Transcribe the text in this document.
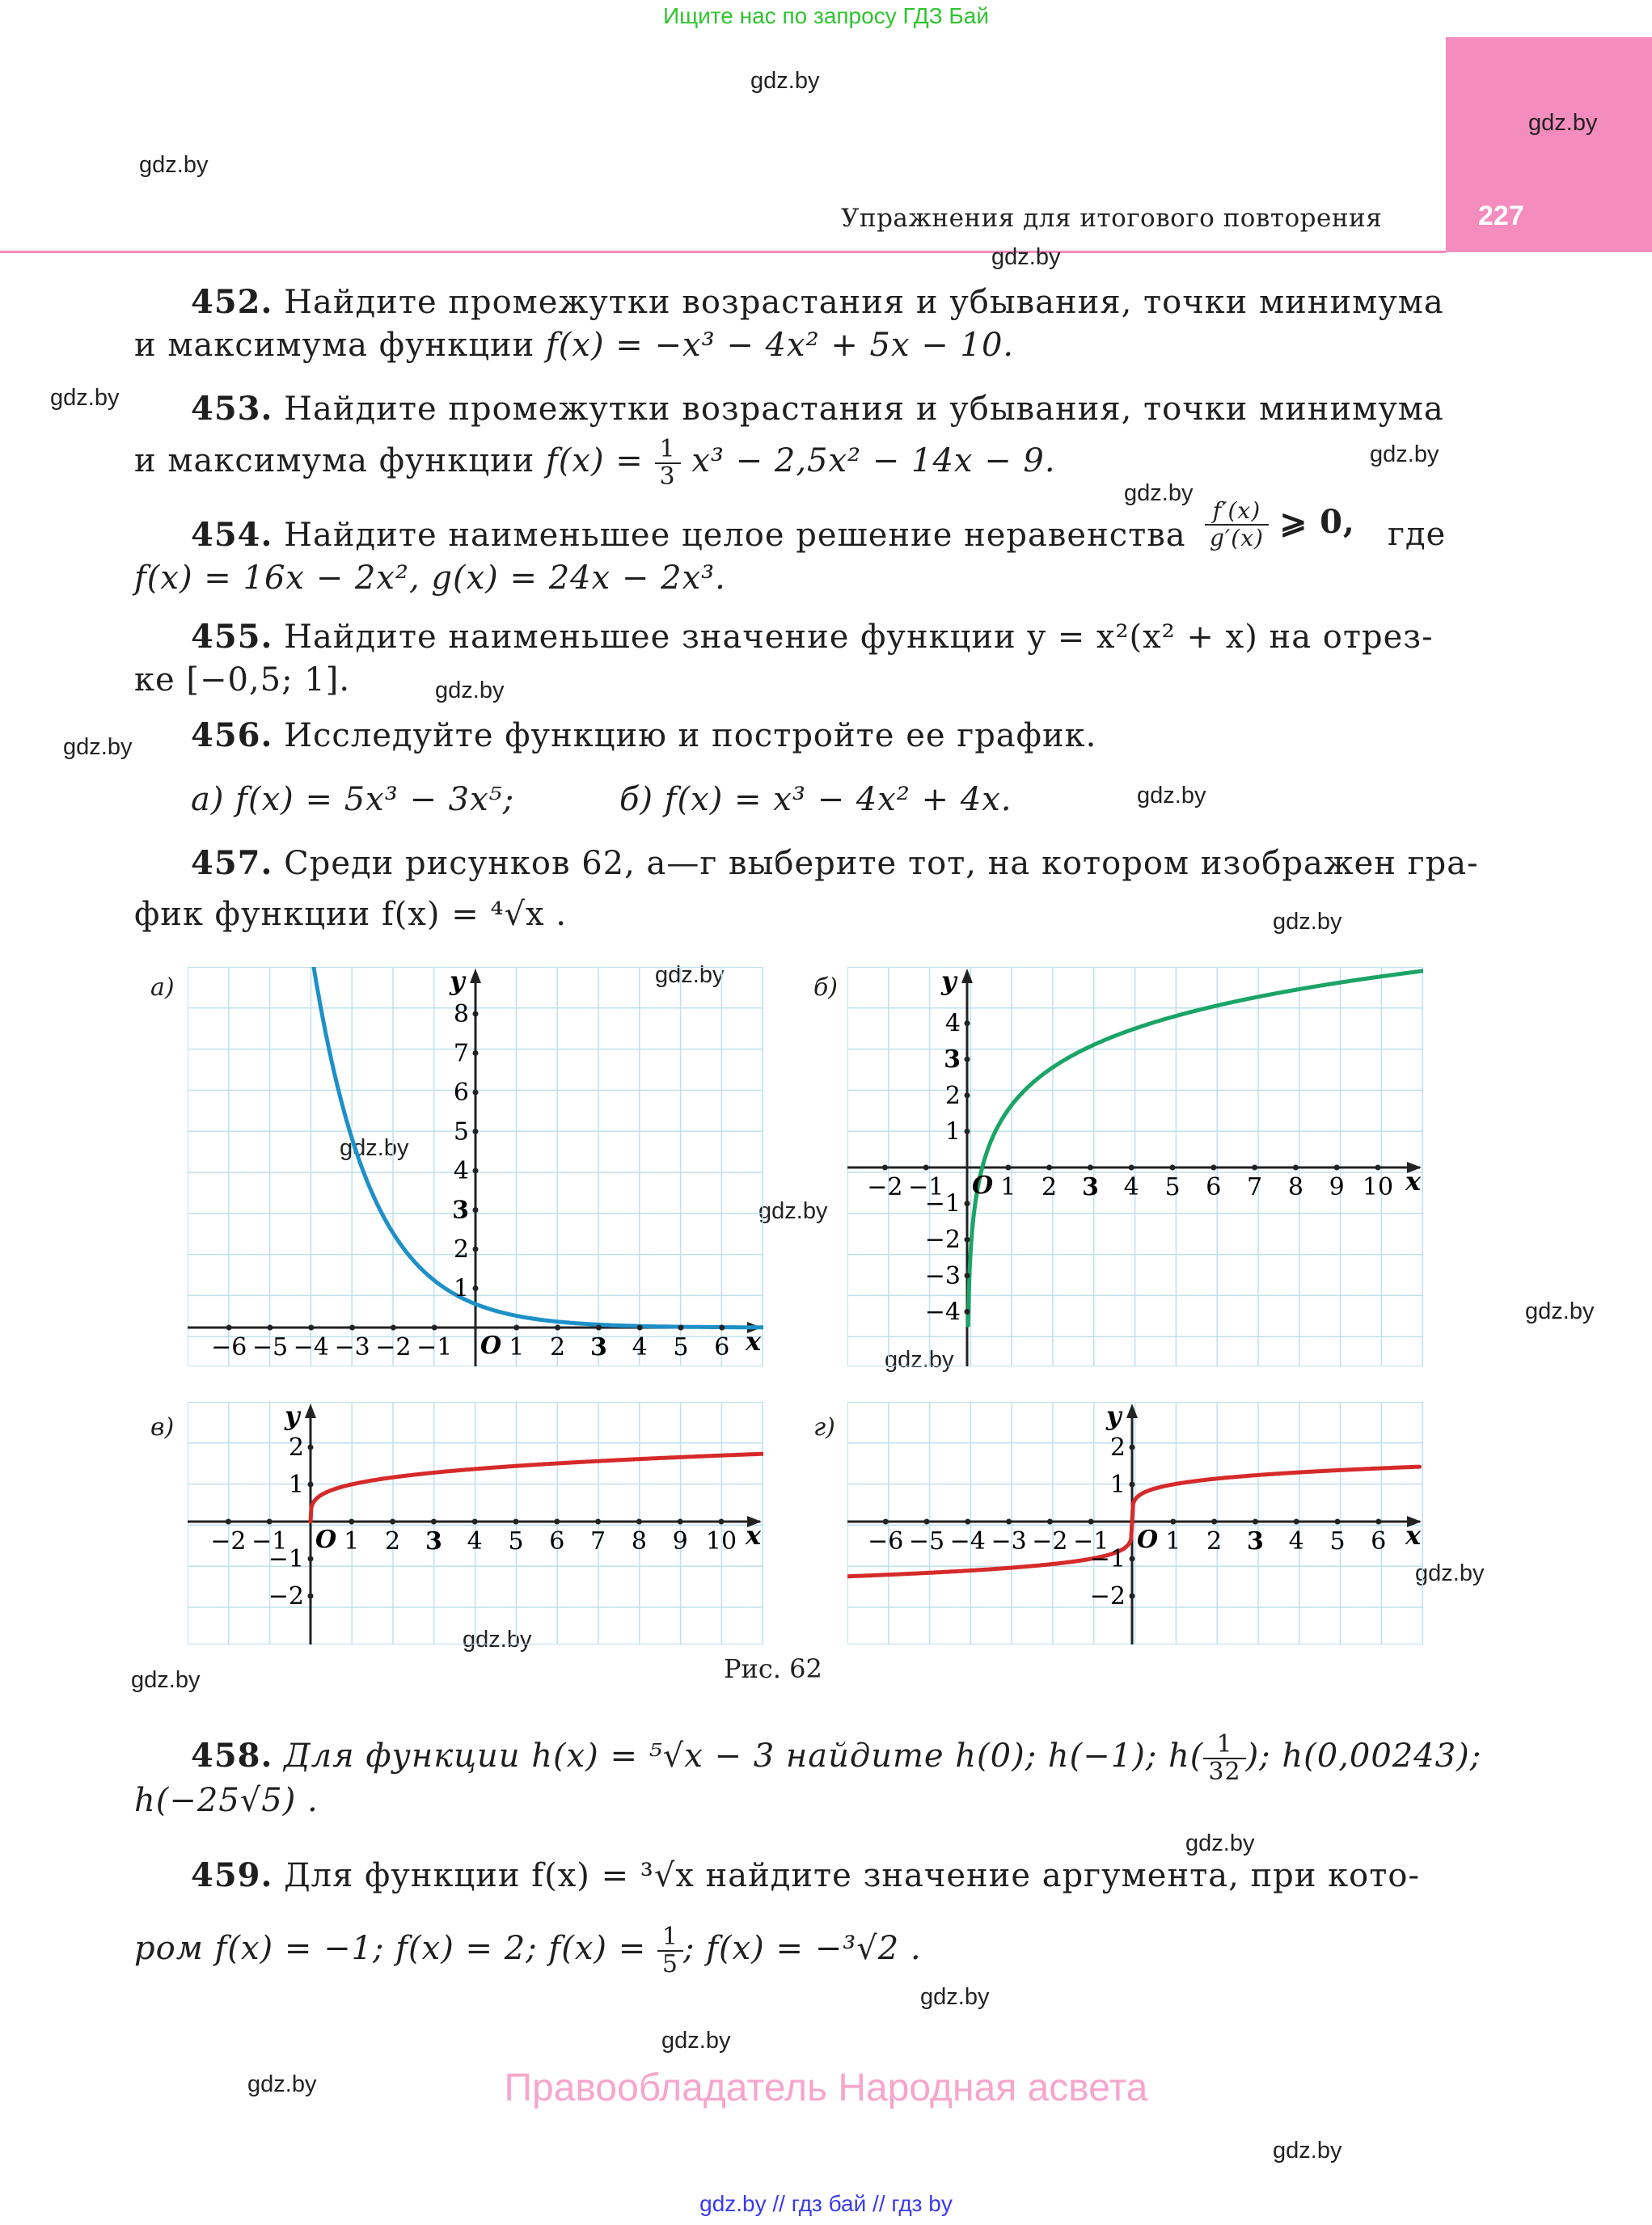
Ищите нас по запросу ГДЗ Бай
227
Упражнения для итогового повторения
gdz.by
gdz.by
gdz.by
gdz.by
gdz.by
gdz.by
gdz.by
gdz.by
gdz.by
gdz.by
gdz.by
gdz.by
gdz.by
gdz.by
gdz.by
gdz.by
gdz.by
gdz.by
gdz.by
gdz.by
gdz.by
gdz.by
gdz.by
gdz.by
452. Найдите промежутки возрастания и убывания, точки минимума
и максимума функции f(x) = −x³ − 4x² + 5x − 10.
453. Найдите промежутки возрастания и убывания, точки минимума
и максимума функции $f(x) = \frac{1}{3} x^3 - 2,5x^2 - 14x - 9$.
454. Найдите наименьшее целое решение неравенства $\frac{f'(x)}{g'(x)}$ ⩾ 0, где
f(x) = 16x − 2x², g(x) = 24x − 2x³.
455. Найдите наименьшее значение функции y = x²(x² + x) на отрез-
ке [−0,5; 1].
456. Исследуйте функцию и постройте ее график.
а) f(x) = 5x³ − 3x⁵;	б) f(x) = x³ − 4x² + 4x.
457. Среди рисунков 62, а—г выберите тот, на котором изображен гра-
фик функции f(x) = ⁴√x .
а)	б)
в)	г)
−6 −5 −4 −3 −2 −1 1 2 3 4 5 6
1
2
3
4
5
6
7
8
O	x
y
−2 −1 1 2 3 4 5 6 7 8 9 10
−4
−3
−2
−1
1
2
3
4
O	x
y
−2 −1 1 2 3 4 5 6 7 8 9 10
−2
−1
1
2
O	x
y
−6 −5 −4 −3 −2 −1 1 2 3 4 5 6
−2
−1
1
2
O	x
y
Рис. 62
458. Для функции h(x) = ⁵√x − 3 найдите h(0); h(−1); $h( \frac{1}{32}$ ); h(0,00243);
h(−25√5) .
459. Для функции f(x) = ³√x найдите значение аргумента, при кото-
ром f(x) = −1; f(x) = 2; $f(x) = \frac{1}{5}$ ; f(x) = −³√2 .
Правообладатель Народная асвета
gdz.by // гдз бай // гдз by
